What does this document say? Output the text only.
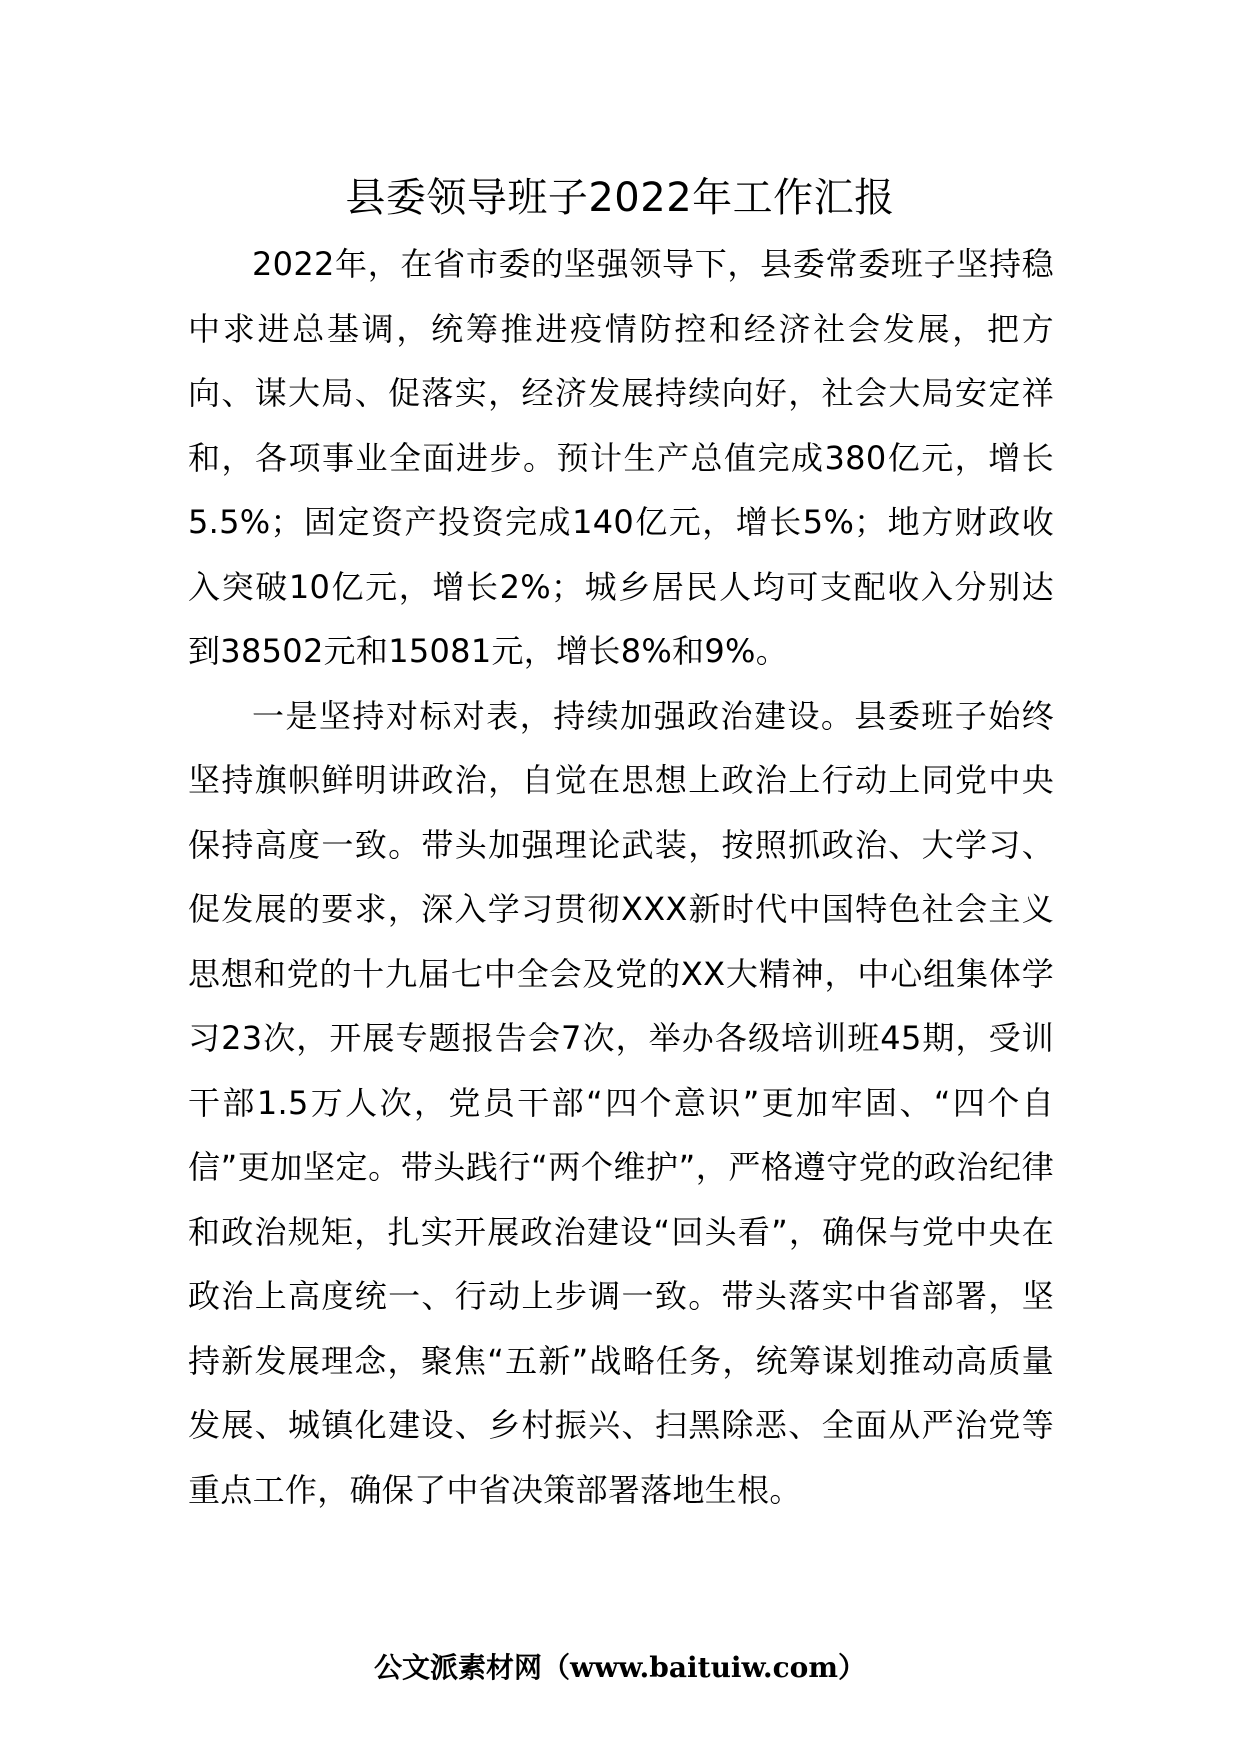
县委领导班子2022年工作汇报

2022年，在省市委的坚强领导下，县委常委班子坚持稳中求进总基调，统筹推进疫情防控和经济社会发展，把方向、谋大局、促落实，经济发展持续向好，社会大局安定祥和，各项事业全面进步。预计生产总值完成380亿元，增长5.5%；固定资产投资完成140亿元，增长5%；地方财政收入突破10亿元，增长2%；城乡居民人均可支配收入分别达到38502元和15081元，增长8%和9%。

一是坚持对标对表，持续加强政治建设。县委班子始终坚持旗帜鲜明讲政治，自觉在思想上政治上行动上同党中央保持高度一致。带头加强理论武装，按照抓政治、大学习、促发展的要求，深入学习贯彻XXX新时代中国特色社会主义思想和党的十九届七中全会及党的XX大精神，中心组集体学习23次，开展专题报告会7次，举办各级培训班45期，受训干部1.5万人次，党员干部“四个意识”更加牢固、“四个自信”更加坚定。带头践行“两个维护”，严格遵守党的政治纪律和政治规矩，扎实开展政治建设“回头看”，确保与党中央在政治上高度统一、行动上步调一致。带头落实中省部署，坚持新发展理念，聚焦“五新”战略任务，统筹谋划推动高质量发展、城镇化建设、乡村振兴、扫黑除恶、全面从严治党等重点工作，确保了中省决策部署落地生根。

公文派素材网（www.baituiw.com）
